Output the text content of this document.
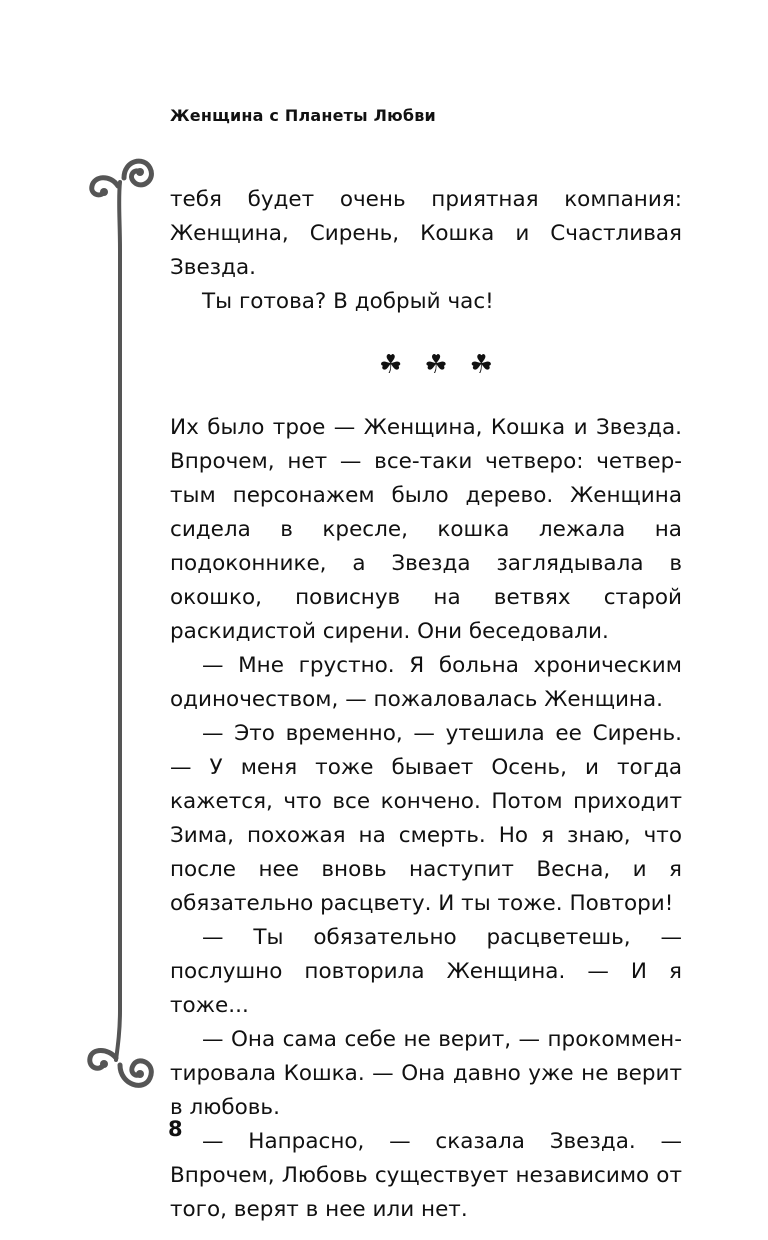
Женщина с Планеты Любви

тебя будет очень приятная компания: Женщина, Сирень, Кошка и Счастливая Звезда.

Ты готова? В добрый час!

☘ ☘ ☘

Их было трое — Женщина, Кошка и Звезда. Впрочем, нет — все-таки четверо: четвертым персонажем было дерево. Женщина сидела в кресле, кошка лежала на подоконнике, а Звезда заглядывала в окошко, повиснув на ветвях старой раскидистой сирени. Они беседовали.

— Мне грустно. Я больна хроническим одиночеством, — пожаловалась Женщина.

— Это временно, — утешила ее Сирень. — У меня тоже бывает Осень, и тогда кажется, что все кончено. Потом приходит Зима, похожая на смерть. Но я знаю, что после нее вновь наступит Весна, и я обязательно расцвету. И ты тоже. Повтори!

— Ты обязательно расцветешь, — послушно повторила Женщина. — И я тоже...

— Она сама себе не верит, — прокомментировала Кошка. — Она давно уже не верит в любовь.

— Напрасно, — сказала Звезда. — Впрочем, Любовь существует независимо от того, верят в нее или нет.

8
